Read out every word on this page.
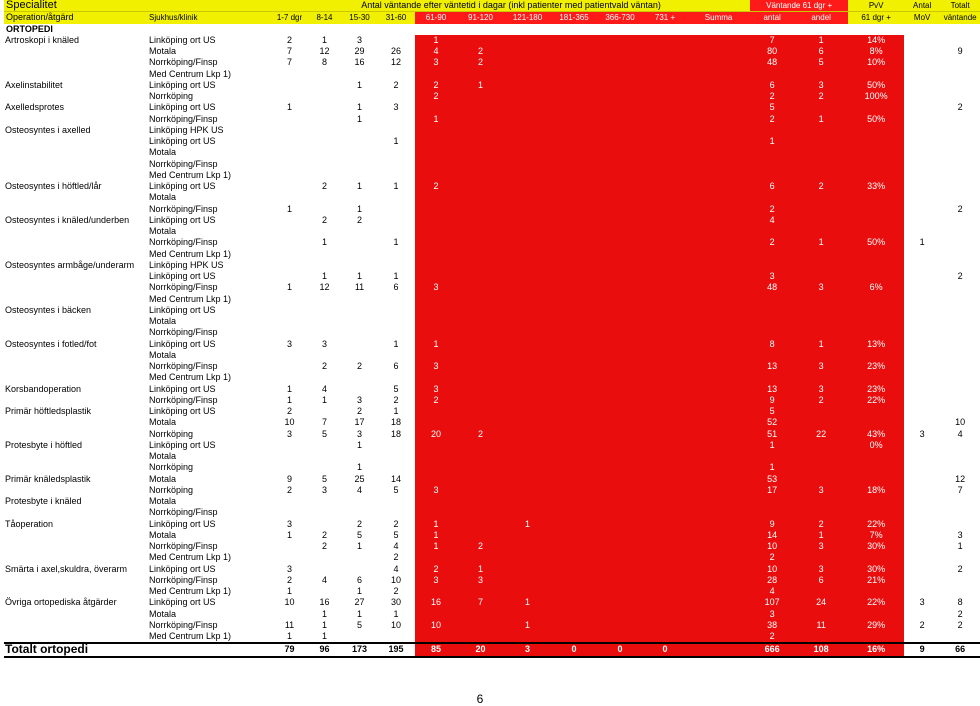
Specialitet		Antal väntande efter väntetid i dagar (inkl patienter med patientvald väntan)											Väntande 61 dgr +		PvV	Antal	Totalt	
Operation/åtgärd	Sjukhus/klinik	1-7 dgr	8-14	15-30	31-60	61-90	91-120	121-180	181-365	366-730	731 +	Summa	antal	andel	61 dgr +	MoV	väntande	
ORTOPEDI																		
Artroskopi i knäled	Linköping ort US	2	1	3		1							7	1	14%			
	Motala	7	12	29	26	4	2						80	6	8%		9	
	Norrköping/Finsp	7	8	16	12	3	2						48	5	10%			
	Med Centrum Lkp 1)																	
Axelinstabilitet	Linköping ort US			1	2	2	1						6	3	50%			
	Norrköping					2							2	2	100%			
Axelledsprotes	Linköping ort US	1		1	3								5				2	
	Norrköping/Finsp			1		1							2	1	50%			
Osteosyntes i axelled	Linköping HPK US																	
	Linköping ort US				1								1					
	Motala																	
	Norrköping/Finsp																	
	Med Centrum Lkp 1)																	
Osteosyntes i höftled/lår	Linköping ort US		2	1	1	2							6	2	33%			
	Motala																	
	Norrköping/Finsp	1		1									2				2	
Osteosyntes i knäled/underben	Linköping ort US		2	2									4					
	Motala																	
	Norrköping/Finsp		1		1								2	1	50%	1		
	Med Centrum Lkp 1)																	
Osteosyntes armbåge/underarm	Linköping HPK US																	
	Linköping ort US		1	1	1								3				2	
	Norrköping/Finsp	1	12	11	6	3							48	3	6%			
	Med Centrum Lkp 1)																	
Osteosyntes i bäcken	Linköping ort US																	
	Motala																	
	Norrköping/Finsp																	
Osteosyntes i fotled/fot	Linköping ort US	3	3		1	1							8	1	13%			
	Motala																	
	Norrköping/Finsp		2	2	6	3							13	3	23%			
	Med Centrum Lkp 1)																	
Korsbandoperation	Linköping ort US	1	4		5	3							13	3	23%			
	Norrköping/Finsp	1	1	3	2	2							9	2	22%			
Primär höftledsplastik	Linköping ort US	2		2	1								5					
	Motala	10	7	17	18								52				10	
	Norrköping	3	5	3	18	20	2						51	22	43%	3	4	
Protesbyte i höftled	Linköping ort US			1									1		0%			
	Motala																	
	Norrköping			1									1					
Primär knäledsplastik	Motala	9	5	25	14								53				12	
	Norrköping	2	3	4	5	3							17	3	18%		7	
Protesbyte i knäled	Motala																	
	Norrköping/Finsp																	
Tåoperation	Linköping ort US	3		2	2	1		1					9	2	22%			
	Motala	1	2	5	5	1							14	1	7%		3	
	Norrköping/Finsp		2	1	4	1	2						10	3	30%		1	
	Med Centrum Lkp 1)				2								2					
Smärta i axel,skuldra, överarm	Linköping ort US	3			4	2	1						10	3	30%		2	
	Norrköping/Finsp	2	4	6	10	3	3						28	6	21%			
	Med Centrum Lkp 1)	1		1	2								4					
Övriga ortopediska åtgärder	Linköping ort US	10	16	27	30	16	7	1					107	24	22%	3	8	
	Motala		1	1	1								3				2	
	Norrköping/Finsp	11	1	5	10	10		1					38	11	29%	2	2	
	Med Centrum Lkp 1)	1	1										2					
Totalt ortopedi		79	96	173	195	85	20	3	0	0	0		666	108	16%	9	66	
6
